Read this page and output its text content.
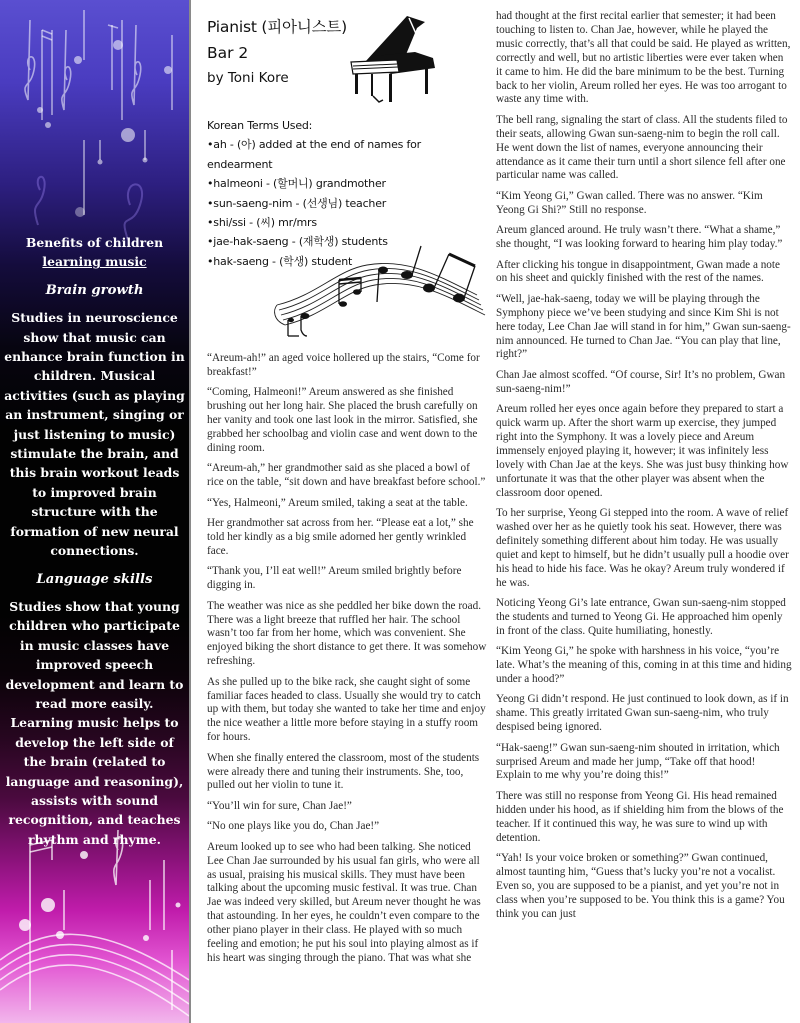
Benefits of children
learning music
Brain growth

Studies in neuroscience show that music can enhance brain function in children. Musical activities (such as playing an instrument, singing or just listening to music) stimulate the brain, and this brain workout leads to improved brain structure with the formation of new neural connections.

Language skills

Studies show that young children who participate in music classes have improved speech development and learn to read more easily. Learning music helps to develop the left side of the brain (related to language and reasoning), assists with sound recognition, and teaches rhythm and rhyme.

Pianist (피아니스트)
Bar 2
by Toni Kore
Korean Terms Used:
•ah - (아) added at the end of names for
endearment
•halmeoni - (할머니) grandmother
•sun-saeng-nim - (선생님) teacher
•shi/ssi - (씨) mr/mrs
•jae-hak-saeng - (재학생) students
•hak-saeng - (학생) student

“Areum-ah!” an aged voice hollered up the stairs, “Come for breakfast!”

“Coming, Halmeoni!” Areum answered as she finished brushing out her long hair. She placed the brush carefully on her vanity and took one last look in the mirror. Satisfied, she grabbed her schoolbag and violin case and went down to the dining room.

“Areum-ah,” her grandmother said as she placed a bowl of rice on the table, “sit down and have breakfast before school.”

“Yes, Halmeoni,” Areum smiled, taking a seat at the table.

Her grandmother sat across from her. “Please eat a lot,” she told her kindly as a big smile adorned her gently wrinkled face.

“Thank you, I’ll eat well!” Areum smiled brightly before digging in.

The weather was nice as she peddled her bike down the road. There was a light breeze that ruffled her hair. The school wasn’t too far from her home, which was convenient. She enjoyed biking the short distance to get there. It was somehow refreshing.

As she pulled up to the bike rack, she caught sight of some familiar faces headed to class. Usually she would try to catch up with them, but today she wanted to take her time and enjoy the nice weather a little more before staying in a stuffy room for hours.

When she finally entered the classroom, most of the students were already there and tuning their instruments. She, too, pulled out her violin to tune it.

“You’ll win for sure, Chan Jae!”

“No one plays like you do, Chan Jae!”

Areum looked up to see who had been talking. She noticed Lee Chan Jae surrounded by his usual fan girls, who were all as usual, praising his musical skills. They must have been talking about the upcoming music festival. It was true. Chan Jae was indeed very skilled, but Areum never thought he was that astounding. In her eyes, he couldn’t even compare to the other piano player in their class. He played with so much feeling and emotion; he put his soul into playing almost as if his heart was singing through the piano. That was what she

had thought at the first recital earlier that semester; it had been touching to listen to. Chan Jae, however, while he played the music correctly, that’s all that could be said. He played as written, correctly and well, but no artistic liberties were ever taken when it came to him. He did the bare minimum to be the best. Turning back to her violin, Areum rolled her eyes. He was too arrogant to waste any time with.

The bell rang, signaling the start of class. All the students filed to their seats, allowing Gwan sun-saeng-nim to begin the roll call. He went down the list of names, everyone announcing their attendance as it came their turn until a short silence fell after one particular name was called.

“Kim Yeong Gi,” Gwan called. There was no answer. “Kim Yeong Gi Shi?” Still no response.

Areum glanced around. He truly wasn’t there. “What a shame,” she thought, “I was looking forward to hearing him play today.”

After clicking his tongue in disappointment, Gwan made a note on his sheet and quickly finished with the rest of the names.

“Well, jae-hak-saeng, today we will be playing through the Symphony piece we’ve been studying and since Kim Shi is not here today, Lee Chan Jae will stand in for him,” Gwan sun-saeng-nim announced. He turned to Chan Jae. “You can play that line, right?”

Chan Jae almost scoffed. “Of course, Sir! It’s no problem, Gwan sun-saeng-nim!”

Areum rolled her eyes once again before they prepared to start a quick warm up. After the short warm up exercise, they jumped right into the Symphony. It was a lovely piece and Areum immensely enjoyed playing it, however; it was infinitely less lovely with Chan Jae at the keys. She was just busy thinking how unfortunate it was that the other player was absent when the classroom door opened.

To her surprise, Yeong Gi stepped into the room. A wave of relief washed over her as he quietly took his seat. However, there was definitely something different about him today. He was usually quiet and kept to himself, but he didn’t usually pull a hoodie over his head to hide his face. Was he okay? Areum truly wondered if he was.

Noticing Yeong Gi’s late entrance, Gwan sun-saeng-nim stopped the students and turned to Yeong Gi. He approached him openly in front of the class. Quite humiliating, honestly.

“Kim Yeong Gi,” he spoke with harshness in his voice, “you’re late. What’s the meaning of this, coming in at this time and hiding under a hood?”

Yeong Gi didn’t respond. He just continued to look down, as if in shame. This greatly irritated Gwan sun-saeng-nim, who truly despised being ignored.

“Hak-saeng!” Gwan sun-saeng-nim shouted in irritation, which surprised Areum and made her jump, “Take off that hood! Explain to me why you’re doing this!”

There was still no response from Yeong Gi. His head remained hidden under his hood, as if shielding him from the blows of the teacher. If it continued this way, he was sure to wind up with detention.

“Yah! Is your voice broken or something?” Gwan continued, almost taunting him, “Guess that’s lucky you’re not a vocalist. Even so, you are supposed to be a pianist, and yet you’re not in class when you’re supposed to be. You think this is a game? You think you can just
